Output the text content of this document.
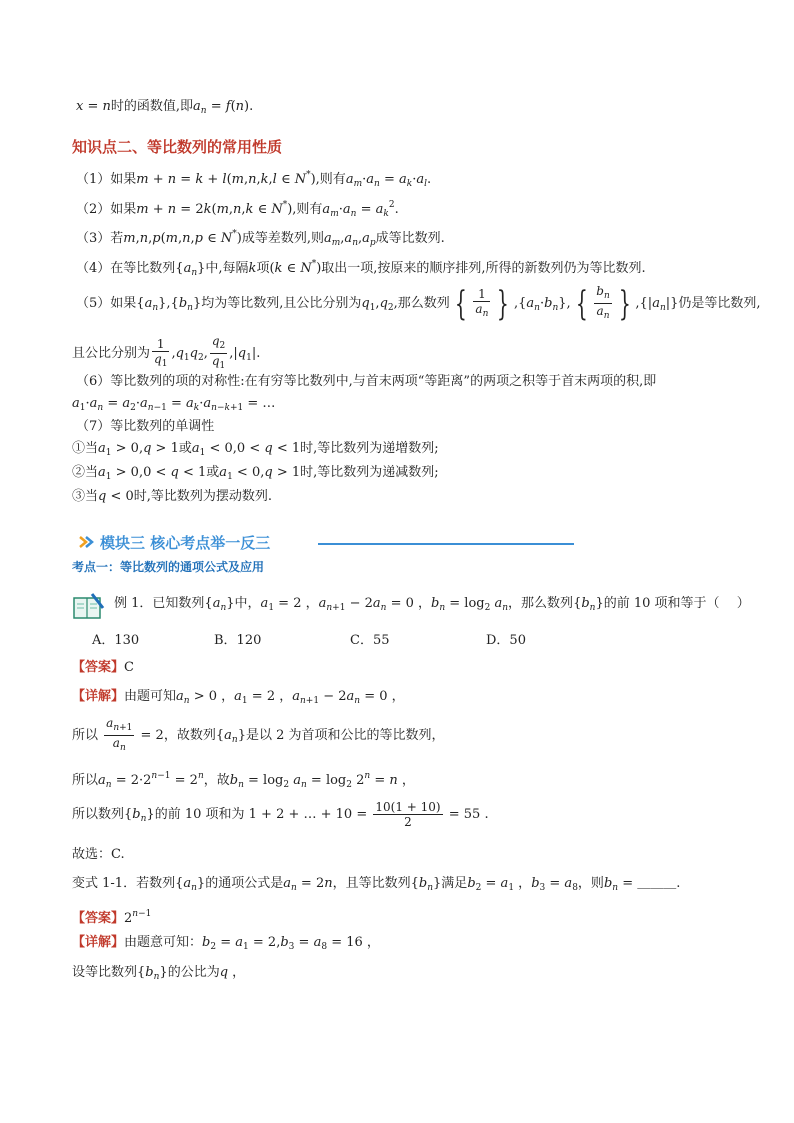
x = n时的函数值,即$a_n = f(n)$.
知识点二、等比数列的常用性质
（1）如果m + n = k + l(m,n,k,l ∈ N*),则有$a_m\cdot a_n = a_k\cdot a_l$.
（2）如果m + n = 2k(m,n,k ∈ N*),则有$a_m\cdot a_n = a_k^2$.
（3）若m,n,p(m,n,p ∈ N*)成等差数列,则$a_m,a_n,a_p$成等比数列.
（4）在等比数列$\{a_n\}$中,每隔k项(k ∈ N*)取出一项,按原来的顺序排列,所得的新数列仍为等比数列.
（5）如果$\{a_n\},\{b_n\}$均为等比数列,且公比分别为$q_1,q_2$,那么数列 { $\frac{1}{a_n}$ } $,\{a_n\cdot b_n\}$, { $\frac{b_n}{a_n}$ } $,\{|a_n|\}$仍是等比数列,
且公比分别为 $\frac{1}{q_1} ,q_1q_2$, $\frac{q_2}{q_1} ,|q_1|$.
（6）等比数列的项的对称性:在有穷等比数列中,与首末两项“等距离”的两项之积等于首末两项的积,即
$a_1\cdot a_n = a_2\cdot a_{n-1} = a_k\cdot a_{n-k+1}$ = …
（7）等比数列的单调性
①当$a_1 > 0,q > 1$或$a_1 < 0,0 < q < 1$时,等比数列为递增数列;
②当$a_1 > 0,0 < q < 1$或$a_1 < 0,q > 1$时,等比数列为递减数列;
③当q < 0时,等比数列为摆动数列.
模块三 核心考点举一反三
考点一：等比数列的通项公式及应用
例 1．已知数列$\{a_n\}$中，$a_1 = 2$ ，$a_{n+1} - 2a_n = 0$ ，$b_n = \log_2 a_n$，那么数列$\{b_n\}$的前 10 项和等于（　 ）
A．130	B．120	C．55	D．50
【答案】C
【详解】由题可知$a_n > 0$ ，$a_1 = 2$ ，$a_{n+1} - 2a_n = 0$ ，
所以 $\frac{a_{n+1}}{a_n} = 2$，故数列$\{a_n\}$是以 2 为首项和公比的等比数列，
所以$a_n = 2\cdot 2^{n-1} = 2^n$，故$b_n = \log_2 a_n = \log_2 2^n = n$ ，
所以数列$\{b_n\}$的前 10 项和为 1 + 2 + … + $10 = \frac{10(1 + 10)}{2} = 55$ .
故选：C.
变式 1-1．若数列$\{a_n\}$的通项公式是$a_n = 2n$，且等比数列$\{b_n\}$满足$b_2 = a_1$ ，$b_3 = a_8$，则$b_n$ = ＿＿＿.
【答案】$2^{n-1}$
【详解】由题意可知：$b_2 = a_1 = 2,b_3 = a_8 = 16$ ，
设等比数列$\{b_n\}$的公比为q ，
